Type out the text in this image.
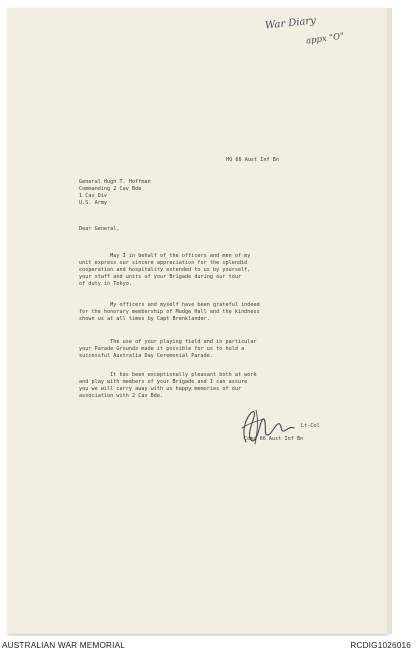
War Diary
appx "O"
HQ 66 Aust Inf Bn
General Hugh T. Hoffman
Commanding 2 Cav Bde
1 Cav Div
U.S. Army
Dear General,
May I in behalf of the officers and men of my
unit express our sincere appreciation for the splendid
cooperation and hospitality extended to us by yourself,
your staff and units of your Brigade during our tour
of duty in Tokyo.
My officers and myself have been grateful indeed
for the honorary membership of Mudge Hall and the kindness
shown us at all times by Capt Brenklander.
The use of your playing field and in particular
your Parade Grounds made it possible for us to hold a
successful Australia Day Ceremonial Parade.
It has been exceptionally pleasant both at work
and play with members of your Brigade and I can assure
you we will carry away with us happy memories of our
association with 2 Cav Bde.
Lt-Col
Comd 66 Aust Inf Bn
AUSTRALIAN WAR MEMORIAL	RCDIG1026016
